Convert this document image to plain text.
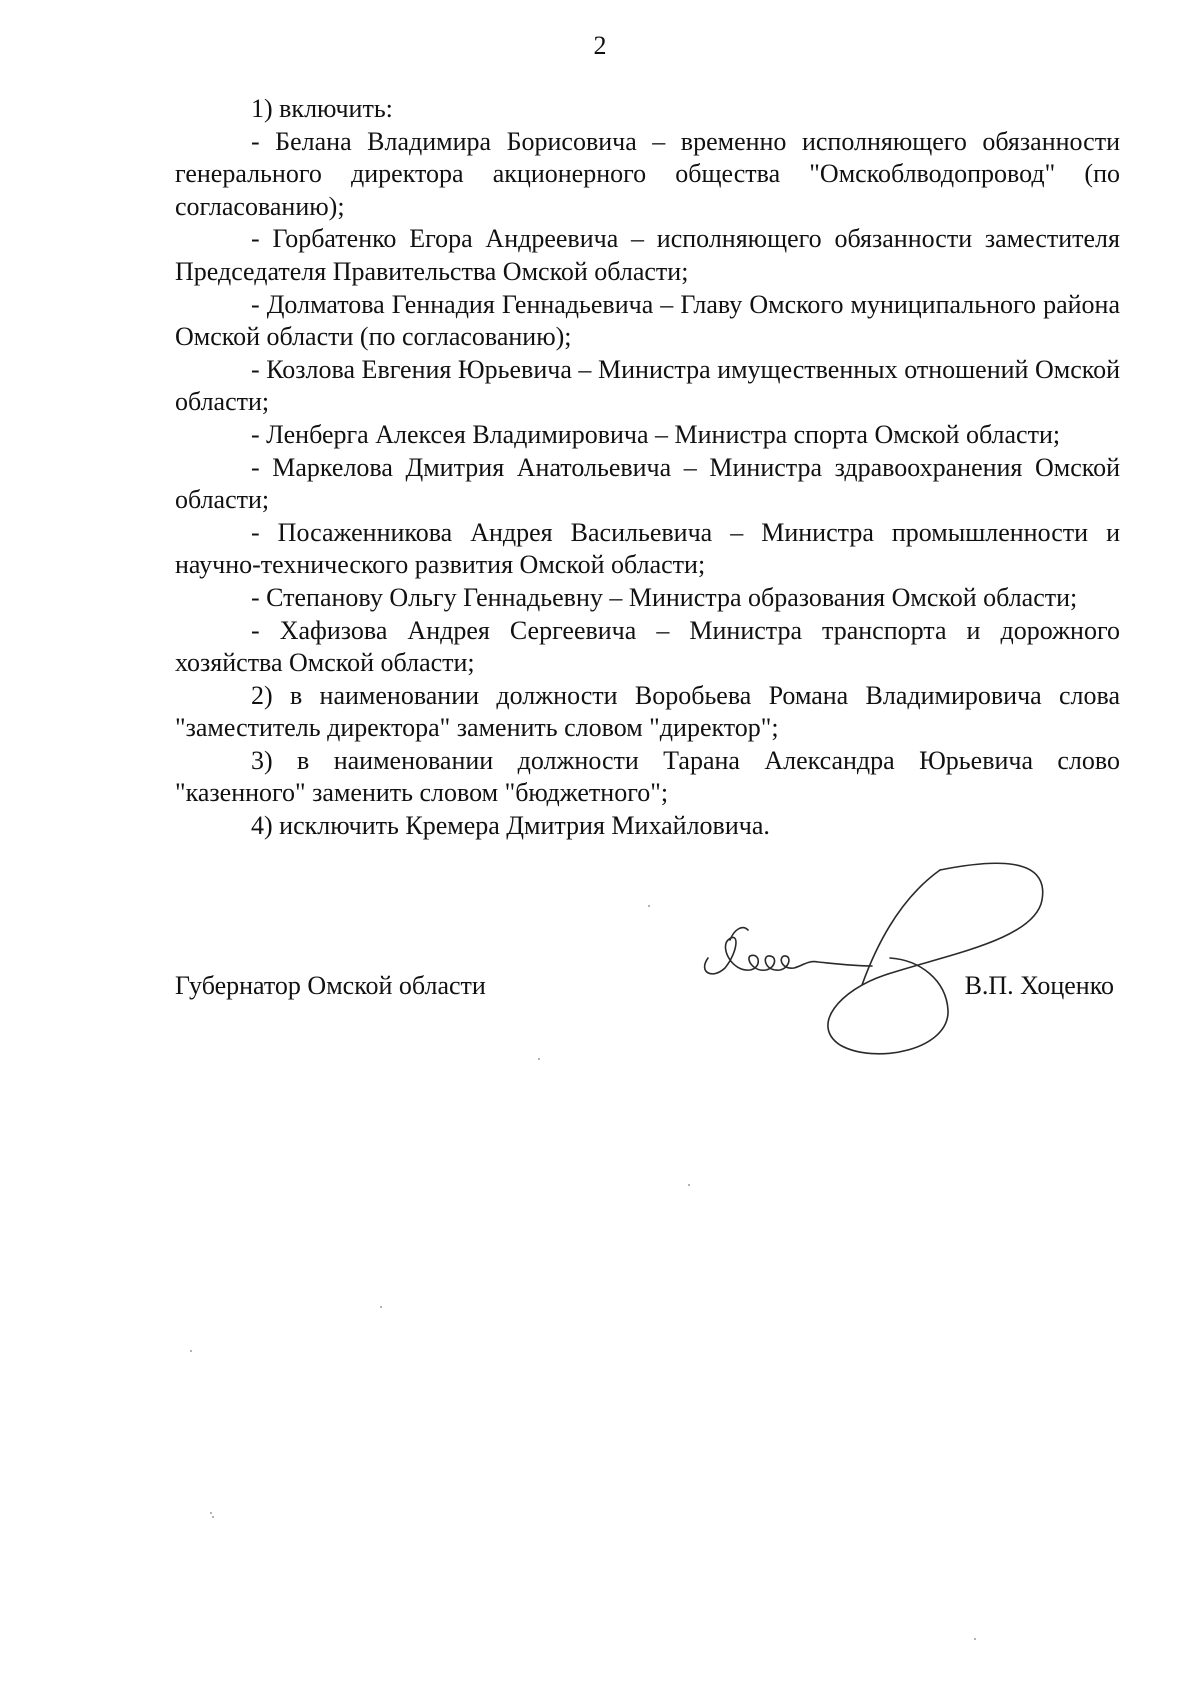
2

1) включить:

- Белана Владимира Борисовича – временно исполняющего обязанности генерального директора акционерного общества "Омскоблводопровод" (по согласованию);

- Горбатенко Егора Андреевича – исполняющего обязанности заместителя Председателя Правительства Омской области;

- Долматова Геннадия Геннадьевича – Главу Омского муниципального района Омской области (по согласованию);

- Козлова Евгения Юрьевича – Министра имущественных отношений Омской области;

- Ленберга Алексея Владимировича – Министра спорта Омской области;

- Маркелова Дмитрия Анатольевича – Министра здравоохранения Омской области;

- Посаженникова Андрея Васильевича – Министра промышленности и научно-технического развития Омской области;

- Степанову Ольгу Геннадьевну – Министра образования Омской области;

- Хафизова Андрея Сергеевича – Министра транспорта и дорожного хозяйства Омской области;

2) в наименовании должности Воробьева Романа Владимировича слова "заместитель директора" заменить словом "директор";

3) в наименовании должности Тарана Александра Юрьевича слово "казенного" заменить словом "бюджетного";

4) исключить Кремера Дмитрия Михайловича.

Губернатор Омской области	В.П. Хоценко
